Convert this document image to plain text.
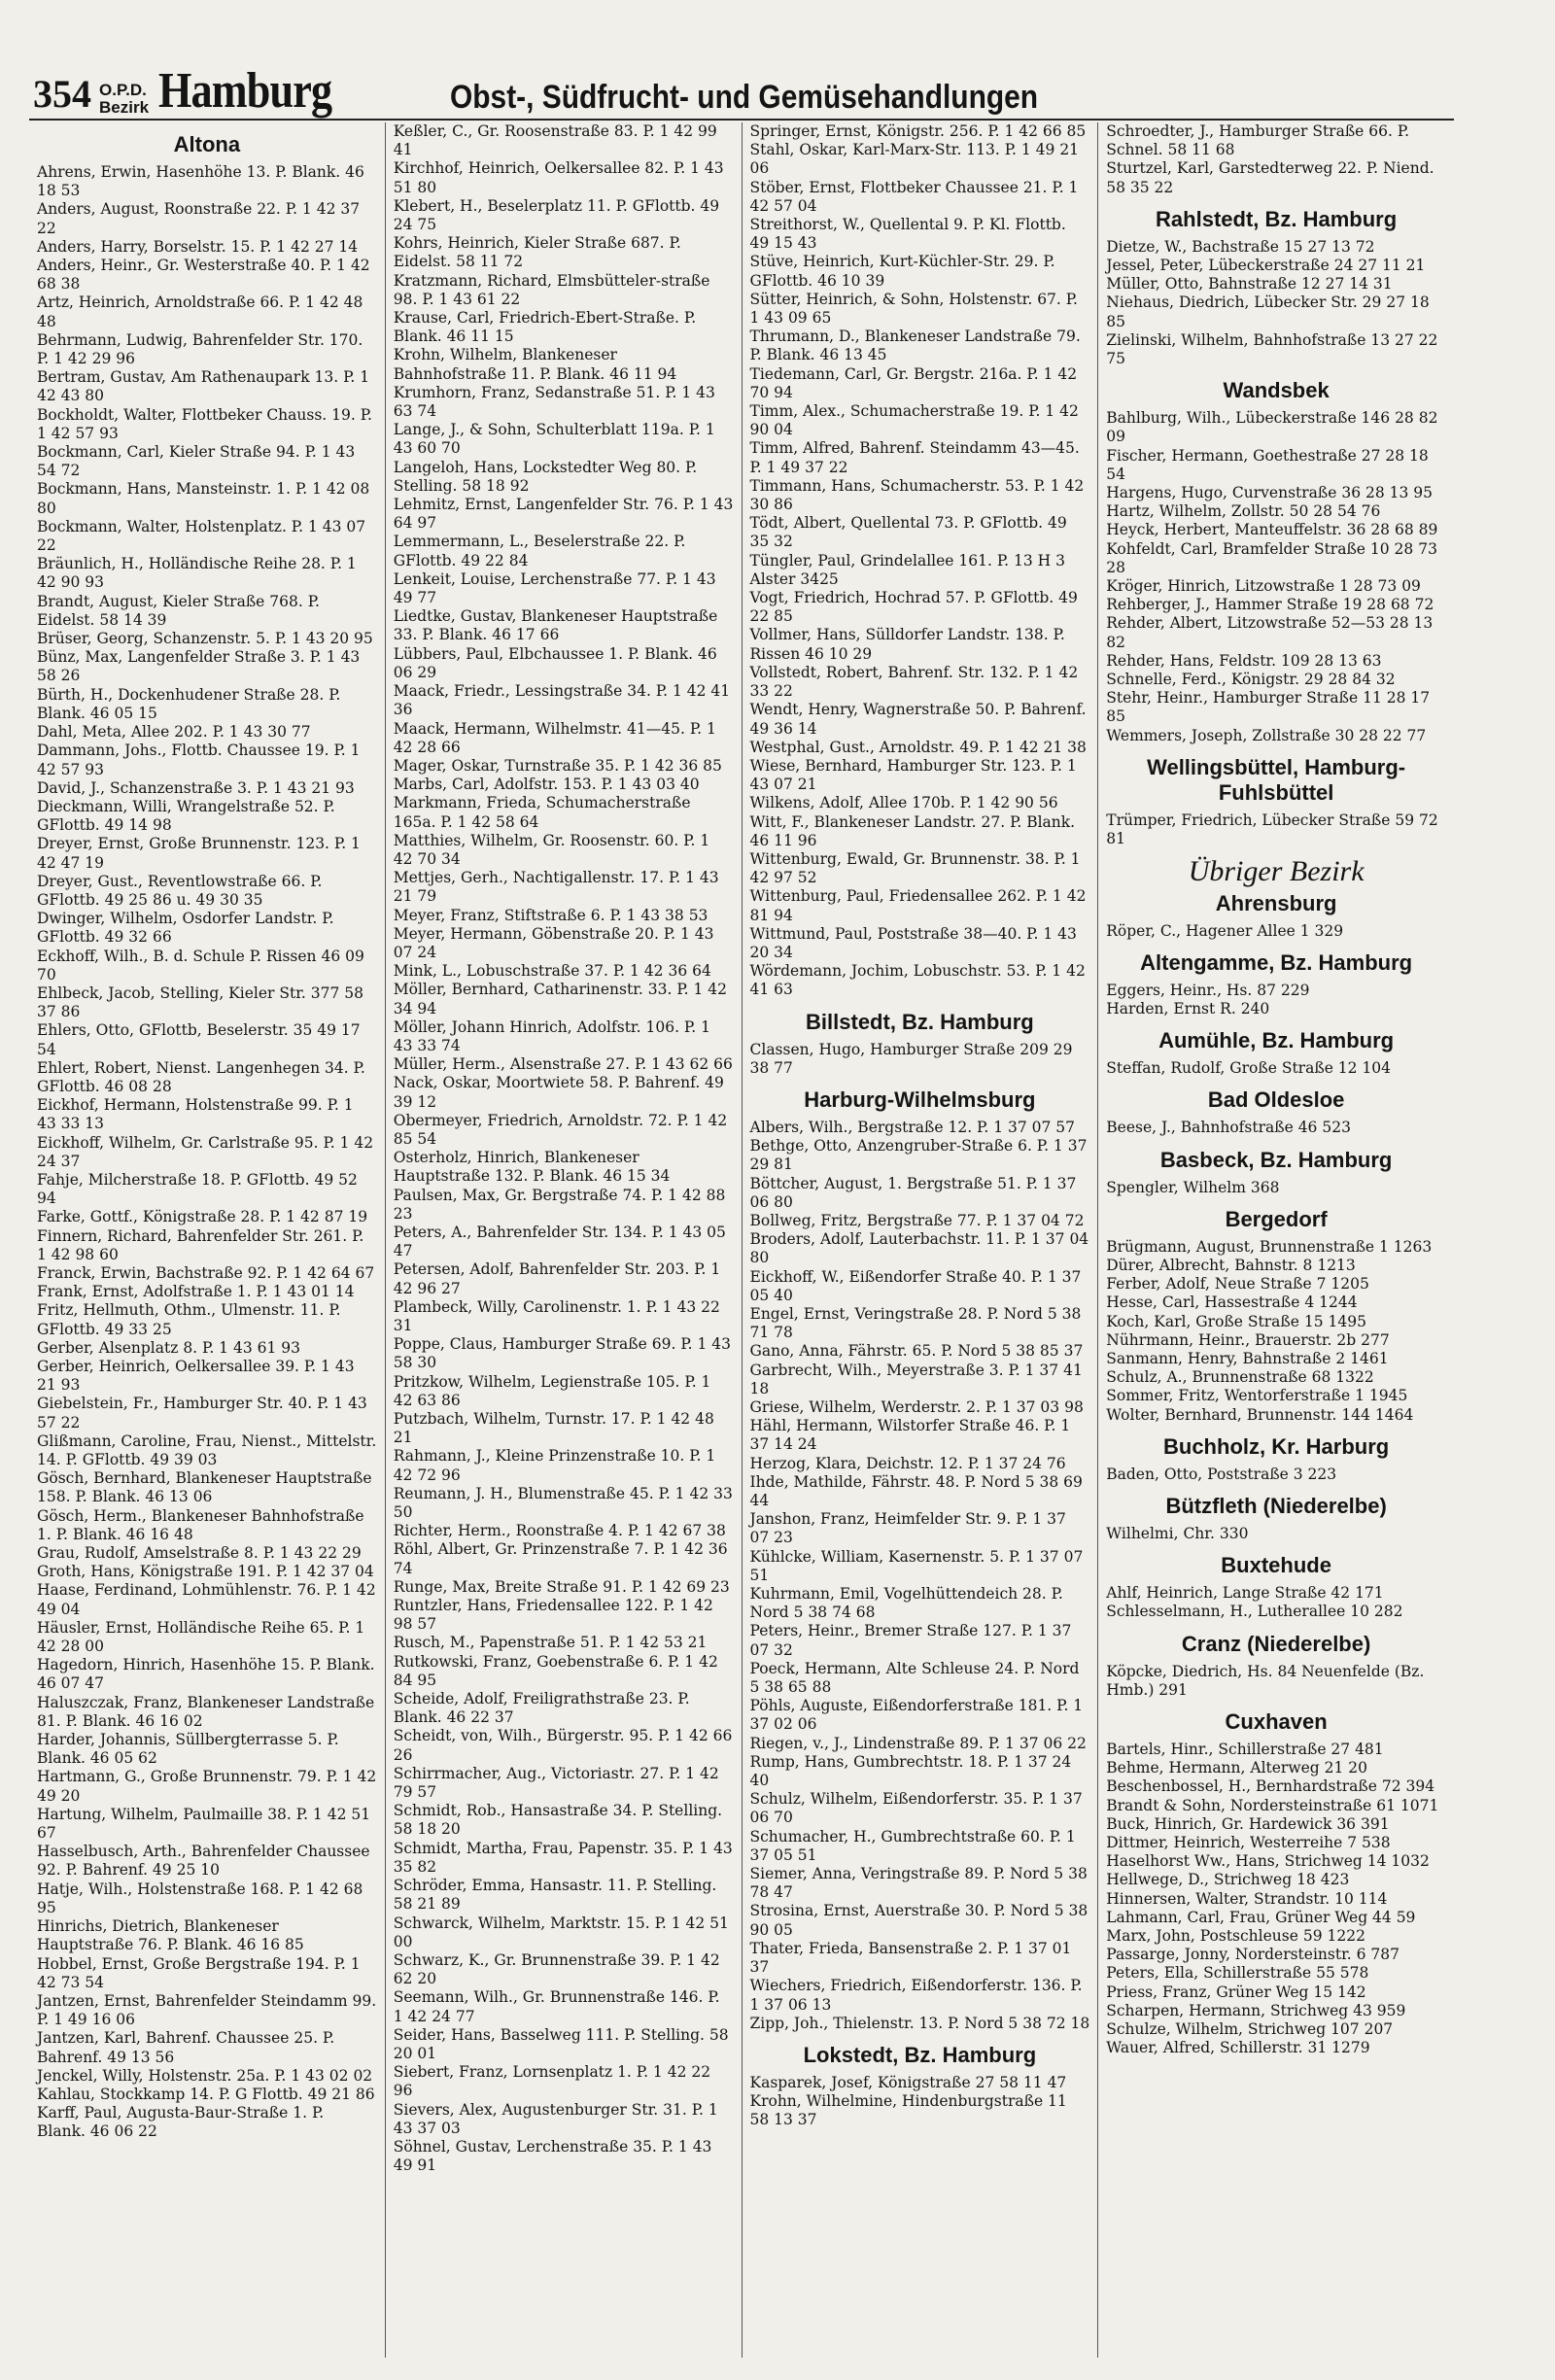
354 O.P.D.
Bezirk Hamburg	Obst-, Südfrucht- und Gemüsehandlungen
Altona
Ahrens, Erwin, Hasenhöhe 13. P. Blank. 46 18 53
Anders, August, Roonstraße 22. P. 1 42 37 22
Anders, Harry, Borselstr. 15. P. 1 42 27 14
Anders, Heinr., Gr. Westerstraße 40. P. 1 42 68 38
Artz, Heinrich, Arnoldstraße 66. P. 1 42 48 48
Behrmann, Ludwig, Bahrenfelder Str. 170. P. 1 42 29 96
Bertram, Gustav, Am Rathenaupark 13. P. 1 42 43 80
Bockholdt, Walter, Flottbeker Chauss. 19. P. 1 42 57 93
Bockmann, Carl, Kieler Straße 94. P. 1 43 54 72
Bockmann, Hans, Mansteinstr. 1. P. 1 42 08 80
Bockmann, Walter, Holstenplatz. P. 1 43 07 22
Bräunlich, H., Holländische Reihe 28. P. 1 42 90 93
Brandt, August, Kieler Straße 768. P. Eidelst. 58 14 39
Brüser, Georg, Schanzenstr. 5. P. 1 43 20 95
Bünz, Max, Langenfelder Straße 3. P. 1 43 58 26
Bürth, H., Dockenhudener Straße 28. P. Blank. 46 05 15
Dahl, Meta, Allee 202. P. 1 43 30 77
Dammann, Johs., Flottb. Chaussee 19. P. 1 42 57 93
David, J., Schanzenstraße 3. P. 1 43 21 93
Dieckmann, Willi, Wrangelstraße 52. P. GFlottb. 49 14 98
Dreyer, Ernst, Große Brunnenstr. 123. P. 1 42 47 19
Dreyer, Gust., Reventlowstraße 66. P. GFlottb. 49 25 86 u. 49 30 35
Dwinger, Wilhelm, Osdorfer Landstr. P. GFlottb. 49 32 66
Eckhoff, Wilh., B. d. Schule P. Rissen 46 09 70
Ehlbeck, Jacob, Stelling, Kieler Str. 377 58 37 86
Ehlers, Otto, GFlottb, Beselerstr. 35 49 17 54
Ehlert, Robert, Nienst. Langenhegen 34. P. GFlottb. 46 08 28
Eickhof, Hermann, Holstenstraße 99. P. 1 43 33 13
Eickhoff, Wilhelm, Gr. Carlstraße 95. P. 1 42 24 37
Fahje, Milcherstraße 18. P. GFlottb. 49 52 94
Farke, Gottf., Königstraße 28. P. 1 42 87 19
Finnern, Richard, Bahrenfelder Str. 261. P. 1 42 98 60
Franck, Erwin, Bachstraße 92. P. 1 42 64 67
Frank, Ernst, Adolfstraße 1. P. 1 43 01 14
Fritz, Hellmuth, Othm., Ulmenstr. 11. P. GFlottb. 49 33 25
Gerber, Alsenplatz 8. P. 1 43 61 93
Gerber, Heinrich, Oelkersallee 39. P. 1 43 21 93
Giebelstein, Fr., Hamburger Str. 40. P. 1 43 57 22
Glißmann, Caroline, Frau, Nienst., Mittelstr. 14. P. GFlottb. 49 39 03
Gösch, Bernhard, Blankeneser Hauptstraße 158. P. Blank. 46 13 06
Gösch, Herm., Blankeneser Bahnhofstraße 1. P. Blank. 46 16 48
Grau, Rudolf, Amselstraße 8. P. 1 43 22 29
Groth, Hans, Königstraße 191. P. 1 42 37 04
Haase, Ferdinand, Lohmühlenstr. 76. P. 1 42 49 04
Häusler, Ernst, Holländische Reihe 65. P. 1 42 28 00
Hagedorn, Hinrich, Hasenhöhe 15. P. Blank. 46 07 47
Haluszczak, Franz, Blankeneser Landstraße 81. P. Blank. 46 16 02
Harder, Johannis, Süllbergterrasse 5. P. Blank. 46 05 62
Hartmann, G., Große Brunnenstr. 79. P. 1 42 49 20
Hartung, Wilhelm, Paulmaille 38. P. 1 42 51 67
Hasselbusch, Arth., Bahrenfelder Chaussee 92. P. Bahrenf. 49 25 10
Hatje, Wilh., Holstenstraße 168. P. 1 42 68 95
Hinrichs, Dietrich, Blankeneser Hauptstraße 76. P. Blank. 46 16 85
Hobbel, Ernst, Große Bergstraße 194. P. 1 42 73 54
Jantzen, Ernst, Bahrenfelder Steindamm 99. P. 1 49 16 06
Jantzen, Karl, Bahrenf. Chaussee 25. P. Bahrenf. 49 13 56
Jenckel, Willy, Holstenstr. 25a. P. 1 43 02 02
Kahlau, Stockkamp 14. P. G Flottb. 49 21 86
Karff, Paul, Augusta-Baur-Straße 1. P. Blank. 46 06 22
Keßler, C., Gr. Roosenstraße 83. P. 1 42 99 41
Kirchhof, Heinrich, Oelkersallee 82. P. 1 43 51 80
Klebert, H., Beselerplatz 11. P. GFlottb. 49 24 75
Kohrs, Heinrich, Kieler Straße 687. P. Eidelst. 58 11 72
Kratzmann, Richard, Elmsbütteler-straße 98. P. 1 43 61 22
Krause, Carl, Friedrich-Ebert-Straße. P. Blank. 46 11 15
Krohn, Wilhelm, Blankeneser Bahnhofstraße 11. P. Blank. 46 11 94
Krumhorn, Franz, Sedanstraße 51. P. 1 43 63 74
Lange, J., & Sohn, Schulterblatt 119a. P. 1 43 60 70
Langeloh, Hans, Lockstedter Weg 80. P. Stelling. 58 18 92
Lehmitz, Ernst, Langenfelder Str. 76. P. 1 43 64 97
Lemmermann, L., Beselerstraße 22. P. GFlottb. 49 22 84
Lenkeit, Louise, Lerchenstraße 77. P. 1 43 49 77
Liedtke, Gustav, Blankeneser Hauptstraße 33. P. Blank. 46 17 66
Lübbers, Paul, Elbchaussee 1. P. Blank. 46 06 29
Maack, Friedr., Lessingstraße 34. P. 1 42 41 36
Maack, Hermann, Wilhelmstr. 41—45. P. 1 42 28 66
Mager, Oskar, Turnstraße 35. P. 1 42 36 85
Marbs, Carl, Adolfstr. 153. P. 1 43 03 40
Markmann, Frieda, Schumacherstraße 165a. P. 1 42 58 64
Matthies, Wilhelm, Gr. Roosenstr. 60. P. 1 42 70 34
Mettjes, Gerh., Nachtigallenstr. 17. P. 1 43 21 79
Meyer, Franz, Stiftstraße 6. P. 1 43 38 53
Meyer, Hermann, Göbenstraße 20. P. 1 43 07 24
Mink, L., Lobuschstraße 37. P. 1 42 36 64
Möller, Bernhard, Catharinenstr. 33. P. 1 42 34 94
Möller, Johann Hinrich, Adolfstr. 106. P. 1 43 33 74
Müller, Herm., Alsenstraße 27. P. 1 43 62 66
Nack, Oskar, Moortwiete 58. P. Bahrenf. 49 39 12
Obermeyer, Friedrich, Arnoldstr. 72. P. 1 42 85 54
Osterholz, Hinrich, Blankeneser Hauptstraße 132. P. Blank. 46 15 34
Paulsen, Max, Gr. Bergstraße 74. P. 1 42 88 23
Peters, A., Bahrenfelder Str. 134. P. 1 43 05 47
Petersen, Adolf, Bahrenfelder Str. 203. P. 1 42 96 27
Plambeck, Willy, Carolinenstr. 1. P. 1 43 22 31
Poppe, Claus, Hamburger Straße 69. P. 1 43 58 30
Pritzkow, Wilhelm, Legienstraße 105. P. 1 42 63 86
Putzbach, Wilhelm, Turnstr. 17. P. 1 42 48 21
Rahmann, J., Kleine Prinzenstraße 10. P. 1 42 72 96
Reumann, J. H., Blumenstraße 45. P. 1 42 33 50
Richter, Herm., Roonstraße 4. P. 1 42 67 38
Röhl, Albert, Gr. Prinzenstraße 7. P. 1 42 36 74
Runge, Max, Breite Straße 91. P. 1 42 69 23
Runtzler, Hans, Friedensallee 122. P. 1 42 98 57
Rusch, M., Papenstraße 51. P. 1 42 53 21
Rutkowski, Franz, Goebenstraße 6. P. 1 42 84 95
Scheide, Adolf, Freiligrathstraße 23. P. Blank. 46 22 37
Scheidt, von, Wilh., Bürgerstr. 95. P. 1 42 66 26
Schirrmacher, Aug., Victoriastr. 27. P. 1 42 79 57
Schmidt, Rob., Hansastraße 34. P. Stelling. 58 18 20
Schmidt, Martha, Frau, Papenstr. 35. P. 1 43 35 82
Schröder, Emma, Hansastr. 11. P. Stelling. 58 21 89
Schwarck, Wilhelm, Marktstr. 15. P. 1 42 51 00
Schwarz, K., Gr. Brunnenstraße 39. P. 1 42 62 20
Seemann, Wilh., Gr. Brunnenstraße 146. P. 1 42 24 77
Seider, Hans, Basselweg 111. P. Stelling. 58 20 01
Siebert, Franz, Lornsenplatz 1. P. 1 42 22 96
Sievers, Alex, Augustenburger Str. 31. P. 1 43 37 03
Söhnel, Gustav, Lerchenstraße 35. P. 1 43 49 91
Springer, Ernst, Königstr. 256. P. 1 42 66 85
Stahl, Oskar, Karl-Marx-Str. 113. P. 1 49 21 06
Stöber, Ernst, Flottbeker Chaussee 21. P. 1 42 57 04
Streithorst, W., Quellental 9. P. Kl. Flottb. 49 15 43
Stüve, Heinrich, Kurt-Küchler-Str. 29. P. GFlottb. 46 10 39
Sütter, Heinrich, & Sohn, Holstenstr. 67. P. 1 43 09 65
Thrumann, D., Blankeneser Landstraße 79. P. Blank. 46 13 45
Tiedemann, Carl, Gr. Bergstr. 216a. P. 1 42 70 94
Timm, Alex., Schumacherstraße 19. P. 1 42 90 04
Timm, Alfred, Bahrenf. Steindamm 43—45. P. 1 49 37 22
Timmann, Hans, Schumacherstr. 53. P. 1 42 30 86
Tödt, Albert, Quellental 73. P. GFlottb. 49 35 32
Tüngler, Paul, Grindelallee 161. P. 13 H 3 Alster 3425
Vogt, Friedrich, Hochrad 57. P. GFlottb. 49 22 85
Vollmer, Hans, Sülldorfer Landstr. 138. P. Rissen 46 10 29
Vollstedt, Robert, Bahrenf. Str. 132. P. 1 42 33 22
Wendt, Henry, Wagnerstraße 50. P. Bahrenf. 49 36 14
Westphal, Gust., Arnoldstr. 49. P. 1 42 21 38
Wiese, Bernhard, Hamburger Str. 123. P. 1 43 07 21
Wilkens, Adolf, Allee 170b. P. 1 42 90 56
Witt, F., Blankeneser Landstr. 27. P. Blank. 46 11 96
Wittenburg, Ewald, Gr. Brunnenstr. 38. P. 1 42 97 52
Wittenburg, Paul, Friedensallee 262. P. 1 42 81 94
Wittmund, Paul, Poststraße 38—40. P. 1 43 20 34
Wördemann, Jochim, Lobuschstr. 53. P. 1 42 41 63
Billstedt, Bz. Hamburg
Classen, Hugo, Hamburger Straße 209 29 38 77
Harburg-Wilhelmsburg
Albers, Wilh., Bergstraße 12. P. 1 37 07 57
Bethge, Otto, Anzengruber-Straße 6. P. 1 37 29 81
Böttcher, August, 1. Bergstraße 51. P. 1 37 06 80
Bollweg, Fritz, Bergstraße 77. P. 1 37 04 72
Broders, Adolf, Lauterbachstr. 11. P. 1 37 04 80
Eickhoff, W., Eißendorfer Straße 40. P. 1 37 05 40
Engel, Ernst, Veringstraße 28. P. Nord 5 38 71 78
Gano, Anna, Fährstr. 65. P. Nord 5 38 85 37
Garbrecht, Wilh., Meyerstraße 3. P. 1 37 41 18
Griese, Wilhelm, Werderstr. 2. P. 1 37 03 98
Hähl, Hermann, Wilstorfer Straße 46. P. 1 37 14 24
Herzog, Klara, Deichstr. 12. P. 1 37 24 76
Ihde, Mathilde, Fährstr. 48. P. Nord 5 38 69 44
Janshon, Franz, Heimfelder Str. 9. P. 1 37 07 23
Kühlcke, William, Kasernenstr. 5. P. 1 37 07 51
Kuhrmann, Emil, Vogelhüttendeich 28. P. Nord 5 38 74 68
Peters, Heinr., Bremer Straße 127. P. 1 37 07 32
Poeck, Hermann, Alte Schleuse 24. P. Nord 5 38 65 88
Pöhls, Auguste, Eißendorferstraße 181. P. 1 37 02 06
Riegen, v., J., Lindenstraße 89. P. 1 37 06 22
Rump, Hans, Gumbrechtstr. 18. P. 1 37 24 40
Schulz, Wilhelm, Eißendorferstr. 35. P. 1 37 06 70
Schumacher, H., Gumbrechtstraße 60. P. 1 37 05 51
Siemer, Anna, Veringstraße 89. P. Nord 5 38 78 47
Strosina, Ernst, Auerstraße 30. P. Nord 5 38 90 05
Thater, Frieda, Bansenstraße 2. P. 1 37 01 37
Wiechers, Friedrich, Eißendorferstr. 136. P. 1 37 06 13
Zipp, Joh., Thielenstr. 13. P. Nord 5 38 72 18
Lokstedt, Bz. Hamburg
Kasparek, Josef, Königstraße 27 58 11 47
Krohn, Wilhelmine, Hindenburgstraße 11 58 13 37
Schroedter, J., Hamburger Straße 66. P. Schnel. 58 11 68
Sturtzel, Karl, Garstedterweg 22. P. Niend. 58 35 22
Rahlstedt, Bz. Hamburg
Dietze, W., Bachstraße 15 27 13 72
Jessel, Peter, Lübeckerstraße 24 27 11 21
Müller, Otto, Bahnstraße 12 27 14 31
Niehaus, Diedrich, Lübecker Str. 29 27 18 85
Zielinski, Wilhelm, Bahnhofstraße 13 27 22 75
Wandsbek
Bahlburg, Wilh., Lübeckerstraße 146 28 82 09
Fischer, Hermann, Goethestraße 27 28 18 54
Hargens, Hugo, Curvenstraße 36 28 13 95
Hartz, Wilhelm, Zollstr. 50 28 54 76
Heyck, Herbert, Manteuffelstr. 36 28 68 89
Kohfeldt, Carl, Bramfelder Straße 10 28 73 28
Kröger, Hinrich, Litzowstraße 1 28 73 09
Rehberger, J., Hammer Straße 19 28 68 72
Rehder, Albert, Litzowstraße 52—53 28 13 82
Rehder, Hans, Feldstr. 109 28 13 63
Schnelle, Ferd., Königstr. 29 28 84 32
Stehr, Heinr., Hamburger Straße 11 28 17 85
Wemmers, Joseph, Zollstraße 30 28 22 77
Wellingsbüttel, Hamburg-Fuhlsbüttel
Trümper, Friedrich, Lübecker Straße 59 72 81
Übriger Bezirk
Ahrensburg
Röper, C., Hagener Allee 1 329
Altengamme, Bz. Hamburg
Eggers, Heinr., Hs. 87 229
Harden, Ernst R. 240
Aumühle, Bz. Hamburg
Steffan, Rudolf, Große Straße 12 104
Bad Oldesloe
Beese, J., Bahnhofstraße 46 523
Basbeck, Bz. Hamburg
Spengler, Wilhelm 368
Bergedorf
Brügmann, August, Brunnenstraße 1 1263
Dürer, Albrecht, Bahnstr. 8 1213
Ferber, Adolf, Neue Straße 7 1205
Hesse, Carl, Hassestraße 4 1244
Koch, Karl, Große Straße 15 1495
Nührmann, Heinr., Brauerstr. 2b 277
Sanmann, Henry, Bahnstraße 2 1461
Schulz, A., Brunnenstraße 68 1322
Sommer, Fritz, Wentorferstraße 1 1945
Wolter, Bernhard, Brunnenstr. 144 1464
Buchholz, Kr. Harburg
Baden, Otto, Poststraße 3 223
Bützfleth (Niederelbe)
Wilhelmi, Chr. 330
Buxtehude
Ahlf, Heinrich, Lange Straße 42 171
Schlesselmann, H., Lutherallee 10 282
Cranz (Niederelbe)
Köpcke, Diedrich, Hs. 84 Neuenfelde (Bz. Hmb.) 291
Cuxhaven
Bartels, Hinr., Schillerstraße 27 481
Behme, Hermann, Alterweg 21 20
Beschenbossel, H., Bernhardstraße 72 394
Brandt & Sohn, Nordersteinstraße 61 1071
Buck, Hinrich, Gr. Hardewick 36 391
Dittmer, Heinrich, Westerreihe 7 538
Haselhorst Ww., Hans, Strichweg 14 1032
Hellwege, D., Strichweg 18 423
Hinnersen, Walter, Strandstr. 10 114
Lahmann, Carl, Frau, Grüner Weg 44 59
Marx, John, Postschleuse 59 1222
Passarge, Jonny, Nordersteinstr. 6 787
Peters, Ella, Schillerstraße 55 578
Priess, Franz, Grüner Weg 15 142
Scharpen, Hermann, Strichweg 43 959
Schulze, Wilhelm, Strichweg 107 207
Wauer, Alfred, Schillerstr. 31 1279
